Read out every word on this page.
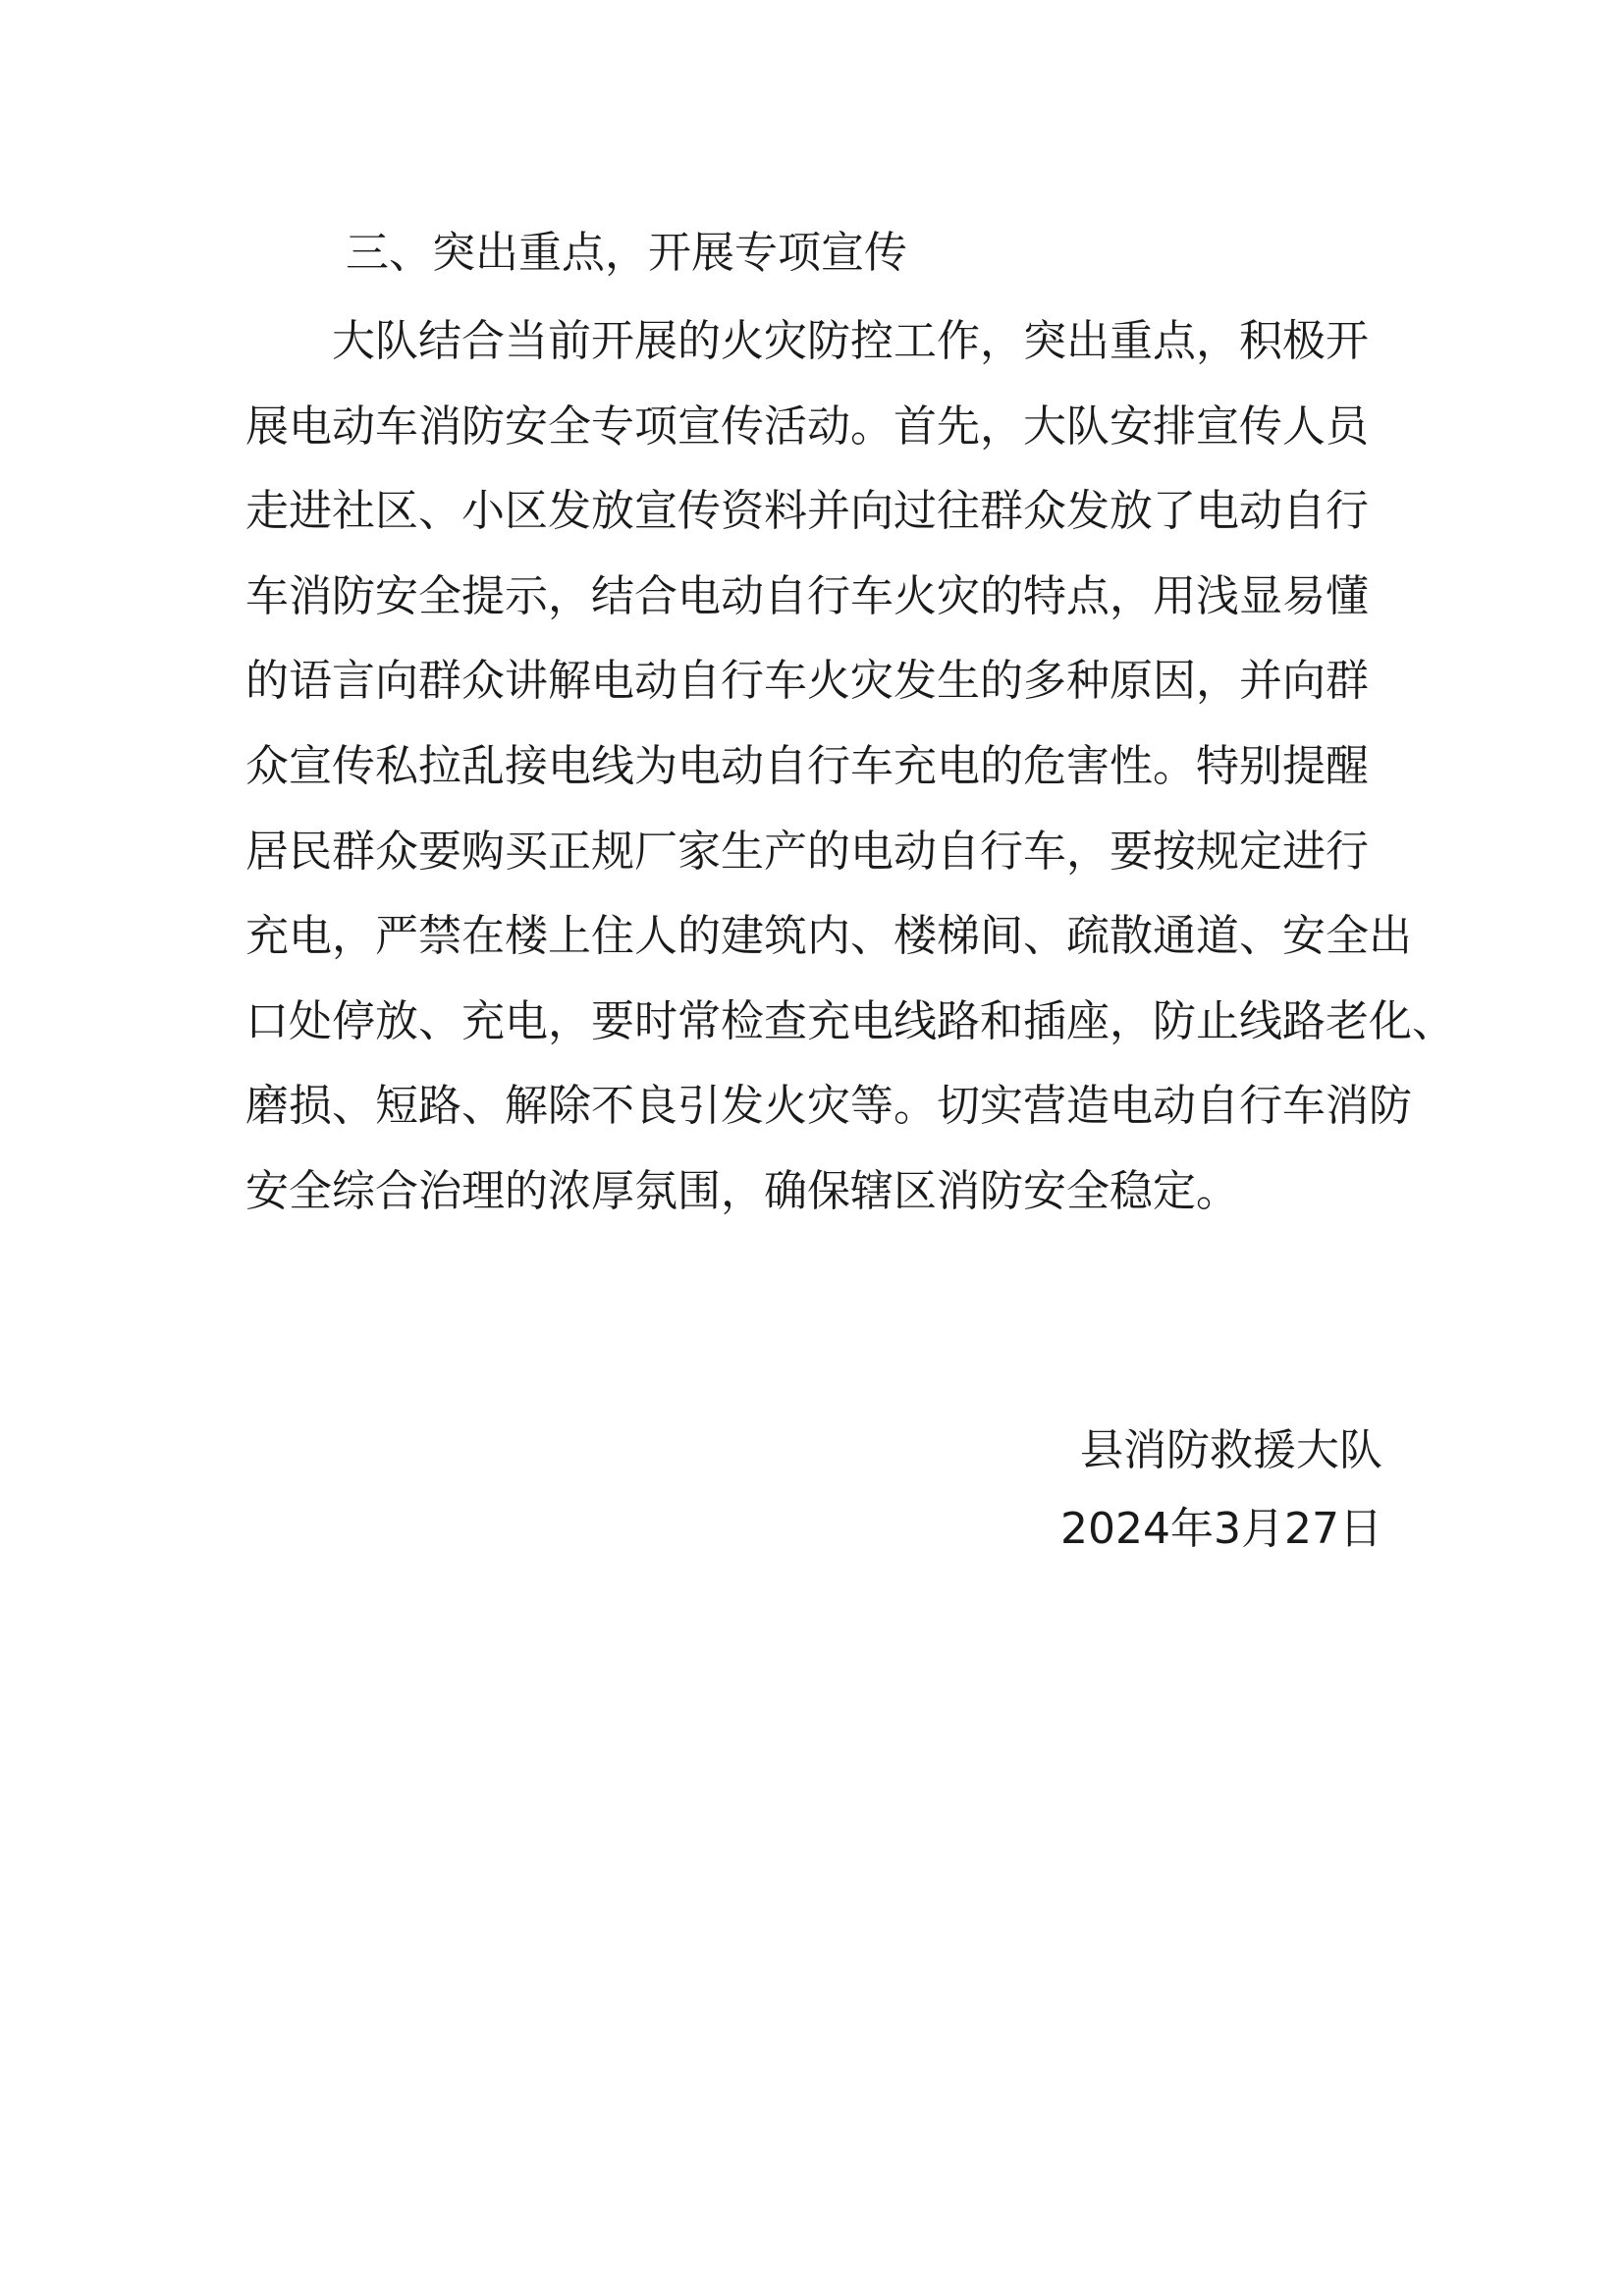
三、突出重点，开展专项宣传

大队结合当前开展的火灾防控工作，突出重点，积极开

展电动车消防安全专项宣传活动。首先，大队安排宣传人员

走进社区、小区发放宣传资料并向过往群众发放了电动自行

车消防安全提示，结合电动自行车火灾的特点，用浅显易懂

的语言向群众讲解电动自行车火灾发生的多种原因，并向群

众宣传私拉乱接电线为电动自行车充电的危害性。特别提醒

居民群众要购买正规厂家生产的电动自行车，要按规定进行

充电，严禁在楼上住人的建筑内、楼梯间、疏散通道、安全出

口处停放、充电，要时常检查充电线路和插座，防止线路老化、

磨损、短路、解除不良引发火灾等。切实营造电动自行车消防

安全综合治理的浓厚氛围，确保辖区消防安全稳定。

县消防救援大队

2024年3月27日
